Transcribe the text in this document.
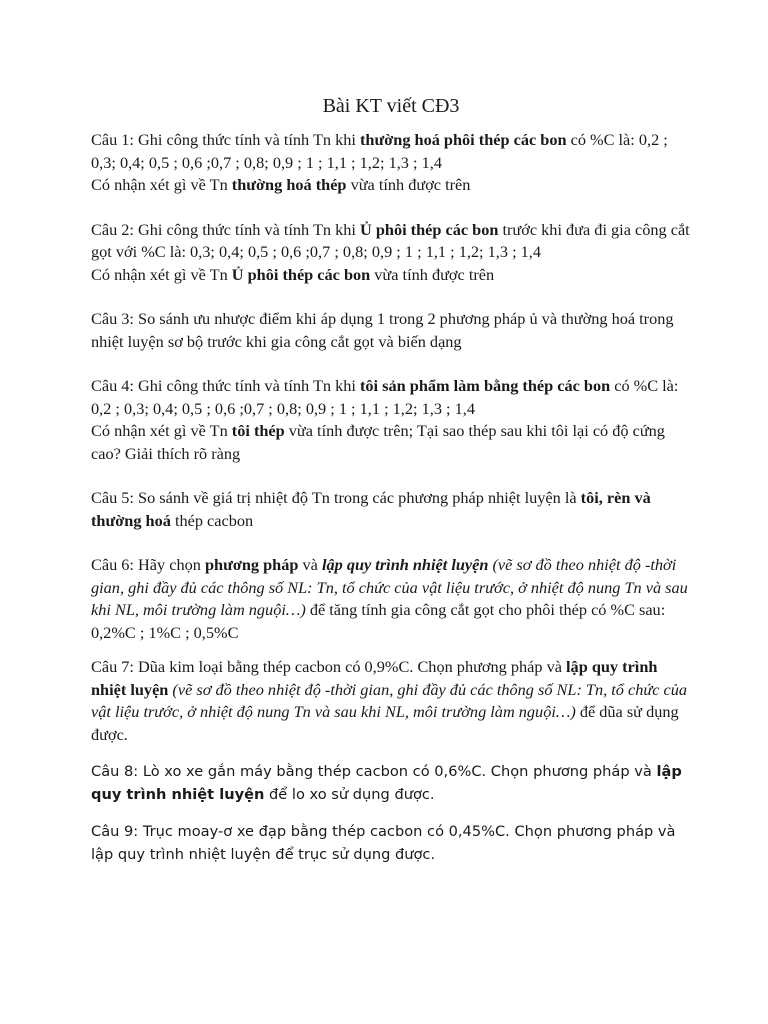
Bài KT viết CĐ3

Câu 1: Ghi công thức tính và tính Tn khi thường hoá phôi thép các bon có %C là: 0,2 ; 0,3; 0,4; 0,5 ; 0,6 ;0,7 ; 0,8; 0,9 ; 1 ; 1,1 ; 1,2; 1,3 ; 1,4

Có nhận xét gì về Tn thường hoá thép vừa tính được trên

Câu 2: Ghi công thức tính và tính Tn khi Ủ phôi thép các bon trước khi đưa đi gia công cắt gọt với %C là: 0,3; 0,4; 0,5 ; 0,6 ;0,7 ; 0,8; 0,9 ; 1 ; 1,1 ; 1,2; 1,3 ; 1,4

Có nhận xét gì về Tn Ủ phôi thép các bon vừa tính được trên

Câu 3: So sánh ưu nhược điểm khi áp dụng 1 trong 2 phương pháp ủ và thường hoá trong nhiệt luyện sơ bộ trước khi gia công cắt gọt và biến dạng

Câu 4: Ghi công thức tính và tính Tn khi tôi sản phẩm làm bằng thép các bon có %C là: 0,2 ; 0,3; 0,4; 0,5 ; 0,6 ;0,7 ; 0,8; 0,9 ; 1 ; 1,1 ; 1,2; 1,3 ; 1,4

Có nhận xét gì về Tn tôi thép vừa tính được trên; Tại sao thép sau khi tôi lại có độ cứng cao? Giải thích rõ ràng

Câu 5: So sánh về giá trị nhiệt độ Tn trong các phương pháp nhiệt luyện là tôi, rèn và thường hoá thép cacbon

Câu 6: Hãy chọn phương pháp và lập quy trình nhiệt luyện (vẽ sơ đồ theo nhiệt độ -thời gian, ghi đầy đủ các thông số NL: Tn, tổ chức của vật liệu trước, ở nhiệt độ nung Tn và sau khi NL, môi trường làm nguội…) để tăng tính gia công cắt gọt cho phôi thép có %C sau: 0,2%C ; 1%C ; 0,5%C

Câu 7: Dũa kim loại bằng thép cacbon có 0,9%C. Chọn phương pháp và lập quy trình nhiệt luyện (vẽ sơ đồ theo nhiệt độ -thời gian, ghi đầy đủ các thông số NL: Tn, tổ chức của vật liệu trước, ở nhiệt độ nung Tn và sau khi NL, môi trường làm nguội…) để dũa sử dụng được.

Câu 8: Lò xo xe gắn máy bằng thép cacbon có 0,6%C. Chọn phương pháp và lập quy trình nhiệt luyện để lo xo sử dụng được.

Câu 9: Trục moay-ơ xe đạp bằng thép cacbon có 0,45%C. Chọn phương pháp và lập quy trình nhiệt luyện để trục sử dụng được.
